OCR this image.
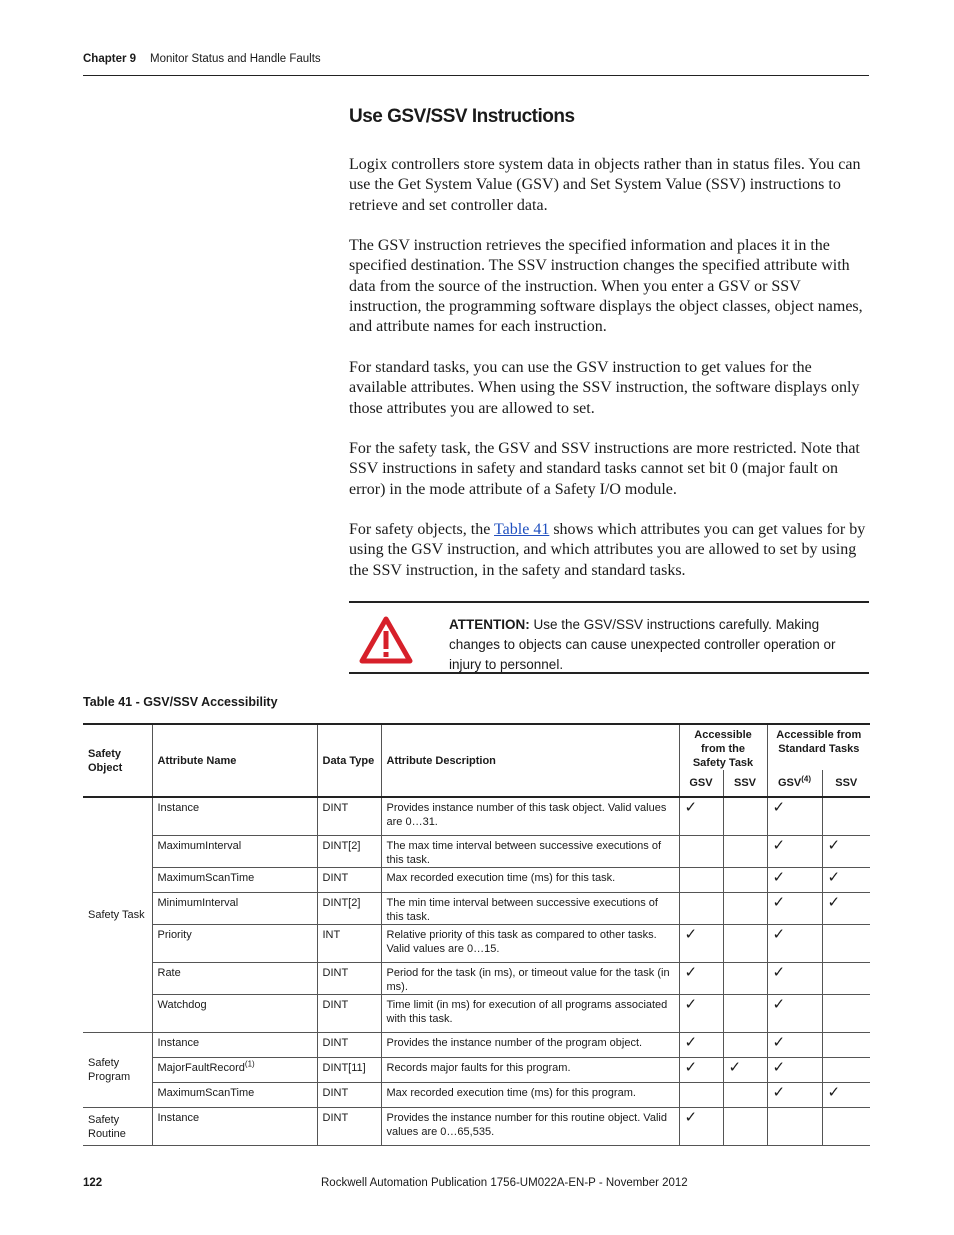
Chapter 9 Monitor Status and Handle Faults
Use GSV/SSV Instructions
Logix controllers store system data in objects rather than in status files. You can use the Get System Value (GSV) and Set System Value (SSV) instructions to retrieve and set controller data.
The GSV instruction retrieves the specified information and places it in the specified destination. The SSV instruction changes the specified attribute with data from the source of the instruction. When you enter a GSV or SSV instruction, the programming software displays the object classes, object names, and attribute names for each instruction.
For standard tasks, you can use the GSV instruction to get values for the available attributes. When using the SSV instruction, the software displays only those attributes you are allowed to set.
For the safety task, the GSV and SSV instructions are more restricted. Note that SSV instructions in safety and standard tasks cannot set bit 0 (major fault on error) in the mode attribute of a Safety I/O module.
For safety objects, the Table 41 shows which attributes you can get values for by using the GSV instruction, and which attributes you are allowed to set by using the SSV instruction, in the safety and standard tasks.
ATTENTION: Use the GSV/SSV instructions carefully. Making changes to objects can cause unexpected controller operation or injury to personnel.
Table 41 - GSV/SSV Accessibility
Safety Object	Attribute Name	Data Type	Attribute Description	Accessible from the Safety Task		Accessible from Standard Tasks	
				GSV	SSV	GSV$^{(4)}$	SSV
Safety Task	Instance	DINT	Provides instance number of this task object. Valid values are 0…31.	✓		✓	
	MaximumInterval	DINT[2]	The max time interval between successive executions of this task.			✓	✓
	MaximumScanTime	DINT	Max recorded execution time (ms) for this task.			✓	✓
	MinimumInterval	DINT[2]	The min time interval between successive executions of this task.			✓	✓
	Priority	INT	Relative priority of this task as compared to other tasks. Valid values are 0…15.	✓		✓	
	Rate	DINT	Period for the task (in ms), or timeout value for the task (in ms).	✓		✓	
	Watchdog	DINT	Time limit (in ms) for execution of all programs associated with this task.	✓		✓	
Safety Program	Instance	DINT	Provides the instance number of the program object.	✓		✓	
	MajorFaultRecord$^{(1)}$	DINT[11]	Records major faults for this program.	✓	✓	✓	
	MaximumScanTime	DINT	Max recorded execution time (ms) for this program.			✓	✓
Safety Routine	Instance	DINT	Provides the instance number for this routine object. Valid values are 0…65,535.	✓			
122	Rockwell Automation Publication 1756-UM022A-EN-P - November 2012
